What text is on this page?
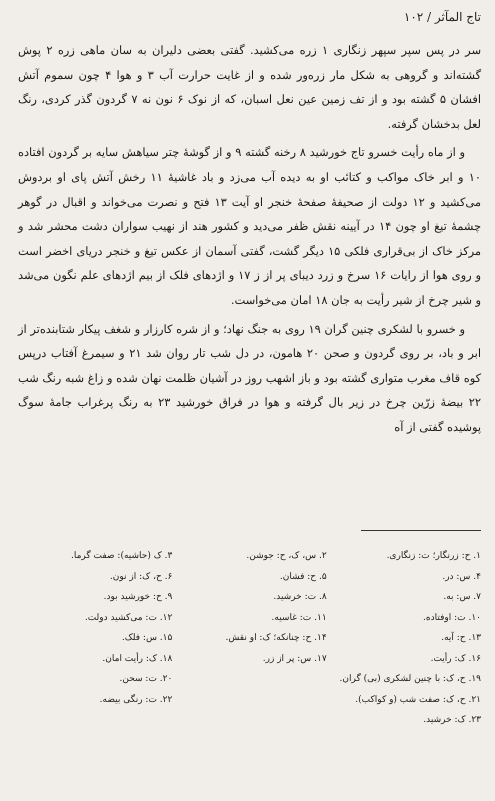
تاج المآثر / ۱۰۲

سر در پس سپر سپهر زنگاری ۱ زره می‌کشید. گفتی بعضی دلیران به سان ماهی زره ۲ پوش گشته‌اند و گروهی به شکل مار زره‌ور شده و از غایت حرارت آب ۳ و هوا ۴ چون سموم آتش افشان ۵ گشته بود و از تف زمین عین نعل اسبان، که از نوک ۶ نون نه ۷ گردون گذر کردی، رنگ لعل بدخشان گرفته.

و از ماه رأیت خسرو تاج خورشید ۸ رخنه گشته ۹ و از گوشهٔ چتر سیاهش سایه بر گردون افتاده ۱۰ و ابر خاک مواکب و کتائب او به دیده آب می‌زد و باد غاشیهٔ ۱۱ رخش آتش پای او بردوش می‌کشید و ۱۲ دولت از صحیفهٔ صفحهٔ خنجر او آیت ۱۳ فتح و نصرت می‌خواند و اقبال در گوهر چشمهٔ تیغ او چون ۱۴ در آیینه نقش ظفر می‌دید و کشور هند از نهیب سواران دشت محشر شد و مرکز خاک از بی‌قراری فلکی ۱۵ دیگر گشت، گفتی آسمان از عکس تیغ و خنجر دریای اخضر است و روی هوا از رایات ۱۶ سرخ و زرد دیبای پر از ز ۱۷ و اژدهای فلک از بیم اژدهای علم نگون می‌شد و شیر چرخ از شیر رأیت به جان ۱۸ امان می‌خواست.

و خسرو با لشکری چنین گران ۱۹ روی به جنگ نهاد؛ و از شره کارزار و شغف پیکار شتابنده‌تر از ابر و باد، بر روی گردون و صحن ۲۰ هامون، در دل شب تار روان شد ۲۱ و سیمرغ آفتاب درپس کوه قاف مغرب متواری گشته بود و باز اشهب روز در آشیان ظلمت نهان شده و زاغ شبه رنگ شب ۲۲ بیضهٔ زرّین چرخ در زیر بال گرفته و هوا در فراق خورشید ۲۳ به رنگ پرغراب جامهٔ سوگ پوشیده گفتی از آه

۱. ح: زرنگار؛ ت: زنگاری.
۲. س، ک، ح: جوشن.
۳. ک (حاشیه): صفت گرما.
۴. س: در.
۵. ح: فشان.
۶. ح، ک: از نون.
۷. س: به.
۸. ت: خرشید.
۹. ح: خورشید بود.
۱۰. ت: اوفتاده.
۱۱. ت: غاسیه.
۱۲. ت: می‌کشید دولت.
۱۳. ح: آیه.
۱۴. ح: چنانکه؛ ک: او نقش.
۱۵. س: فلک.
۱۶. ک: رأیت.
۱۷. س: پر از زر.
۱۸. ک: رأیت امان.
۱۹. ح، ک: با چنین لشکری (بی) گران.
۲۰. ت: سحن.
۲۱. ح، ک: صفت شب (و کواکب).
۲۲. ت: رنگی بیضه.
۲۳. ک: خرشید.
